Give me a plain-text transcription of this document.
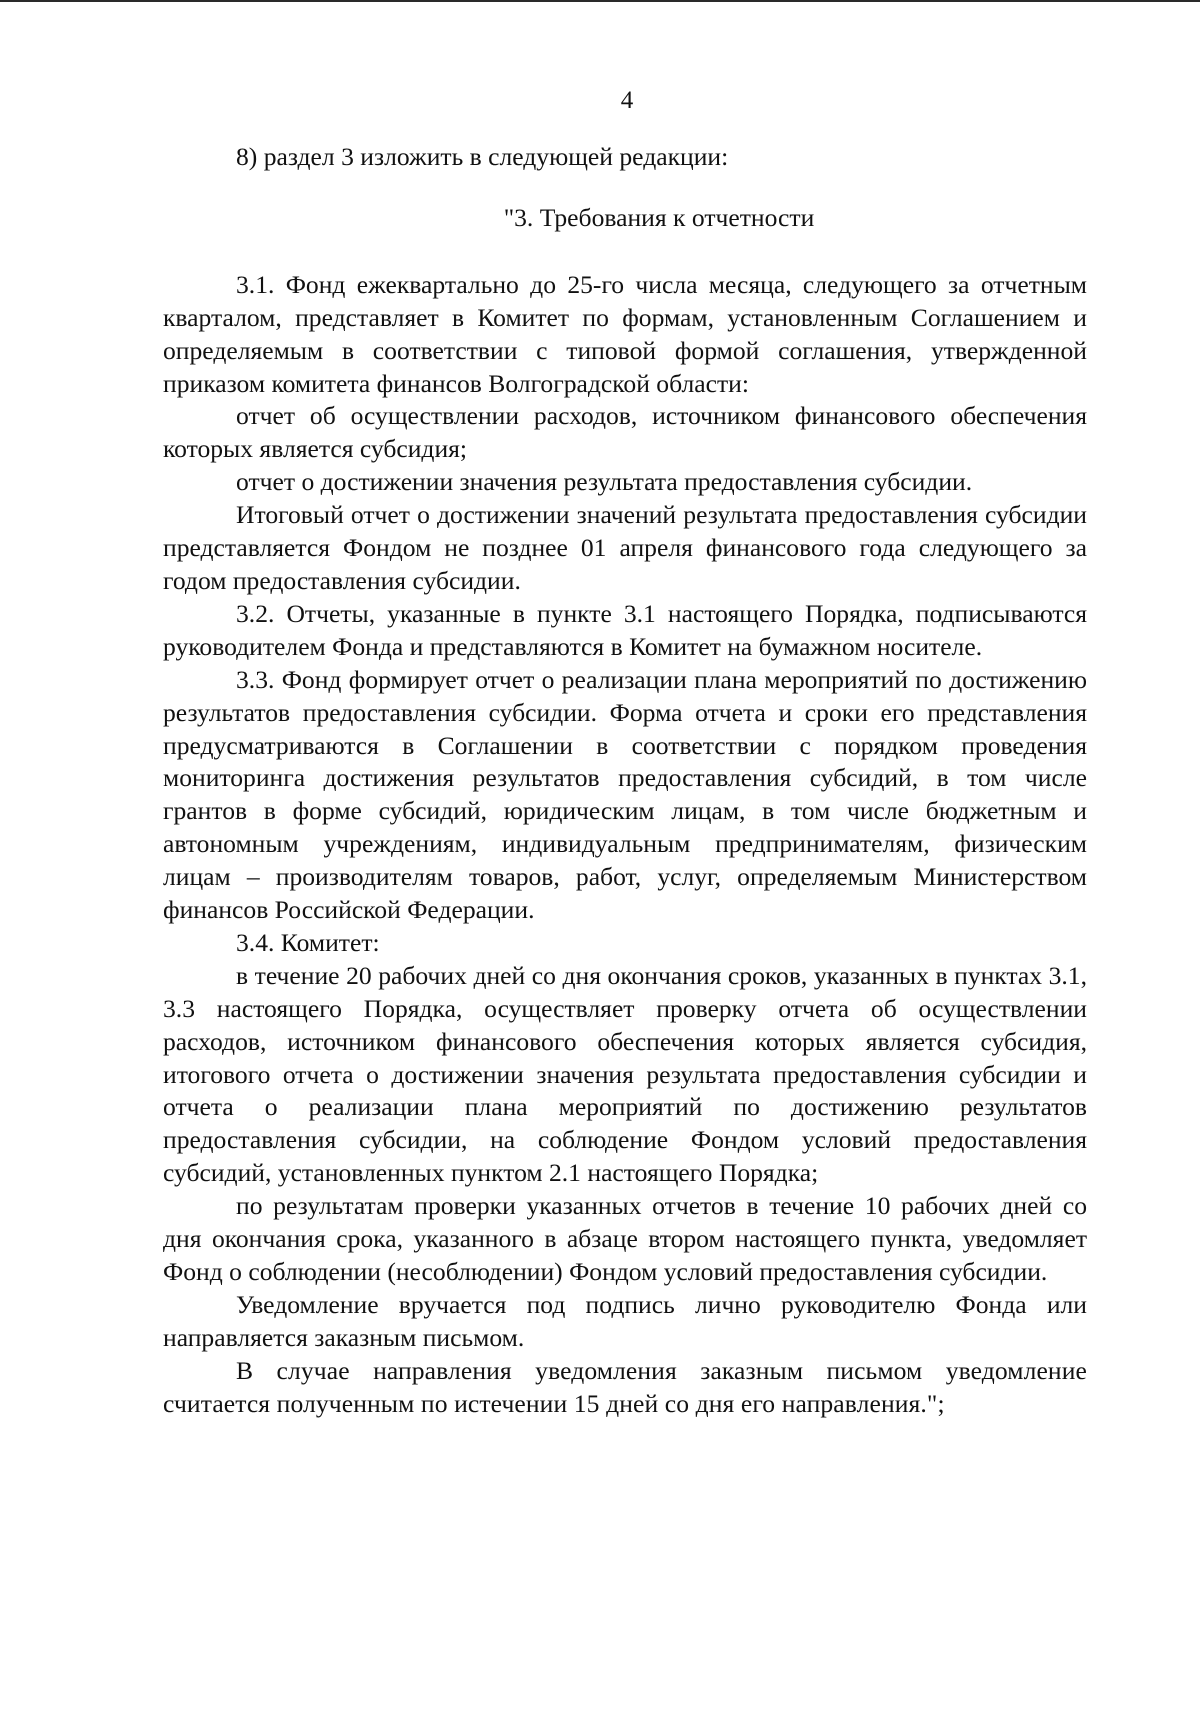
4

8) раздел 3 изложить в следующей редакции:

"3. Требования к отчетности

3.1. Фонд ежеквартально до 25-го числа месяца, следующего за отчетным кварталом, представляет в Комитет по формам, установленным Соглашением и определяемым в соответствии с типовой формой соглашения, утвержденной приказом комитета финансов Волгоградской области:

отчет об осуществлении расходов, источником финансового обеспечения которых является субсидия;

отчет о достижении значения результата предоставления субсидии.

Итоговый отчет о достижении значений результата предоставления субсидии представляется Фондом не позднее 01 апреля финансового года следующего за годом предоставления субсидии.

3.2. Отчеты, указанные в пункте 3.1 настоящего Порядка, подписываются руководителем Фонда и представляются в Комитет на бумажном носителе.

3.3. Фонд формирует отчет о реализации плана мероприятий по достижению результатов предоставления субсидии. Форма отчета и сроки его представления предусматриваются в Соглашении в соответствии с порядком проведения мониторинга достижения результатов предоставления субсидий, в том числе грантов в форме субсидий, юридическим лицам, в том числе бюджетным и автономным учреждениям, индивидуальным предпринимателям, физическим лицам – производителям товаров, работ, услуг, определяемым Министерством финансов Российской Федерации.

3.4. Комитет:

в течение 20 рабочих дней со дня окончания сроков, указанных в пунктах 3.1, 3.3 настоящего Порядка, осуществляет проверку отчета об осуществлении расходов, источником финансового обеспечения которых является субсидия, итогового отчета о достижении значения результата предоставления субсидии и отчета о реализации плана мероприятий по достижению результатов предоставления субсидии, на соблюдение Фондом условий предоставления субсидий, установленных пунктом 2.1 настоящего Порядка;

по результатам проверки указанных отчетов в течение 10 рабочих дней со дня окончания срока, указанного в абзаце втором настоящего пункта, уведомляет Фонд о соблюдении (несоблюдении) Фондом условий предоставления субсидии.

Уведомление вручается под подпись лично руководителю Фонда или направляется заказным письмом.

В случае направления уведомления заказным письмом уведомление считается полученным по истечении 15 дней со дня его направления.";
